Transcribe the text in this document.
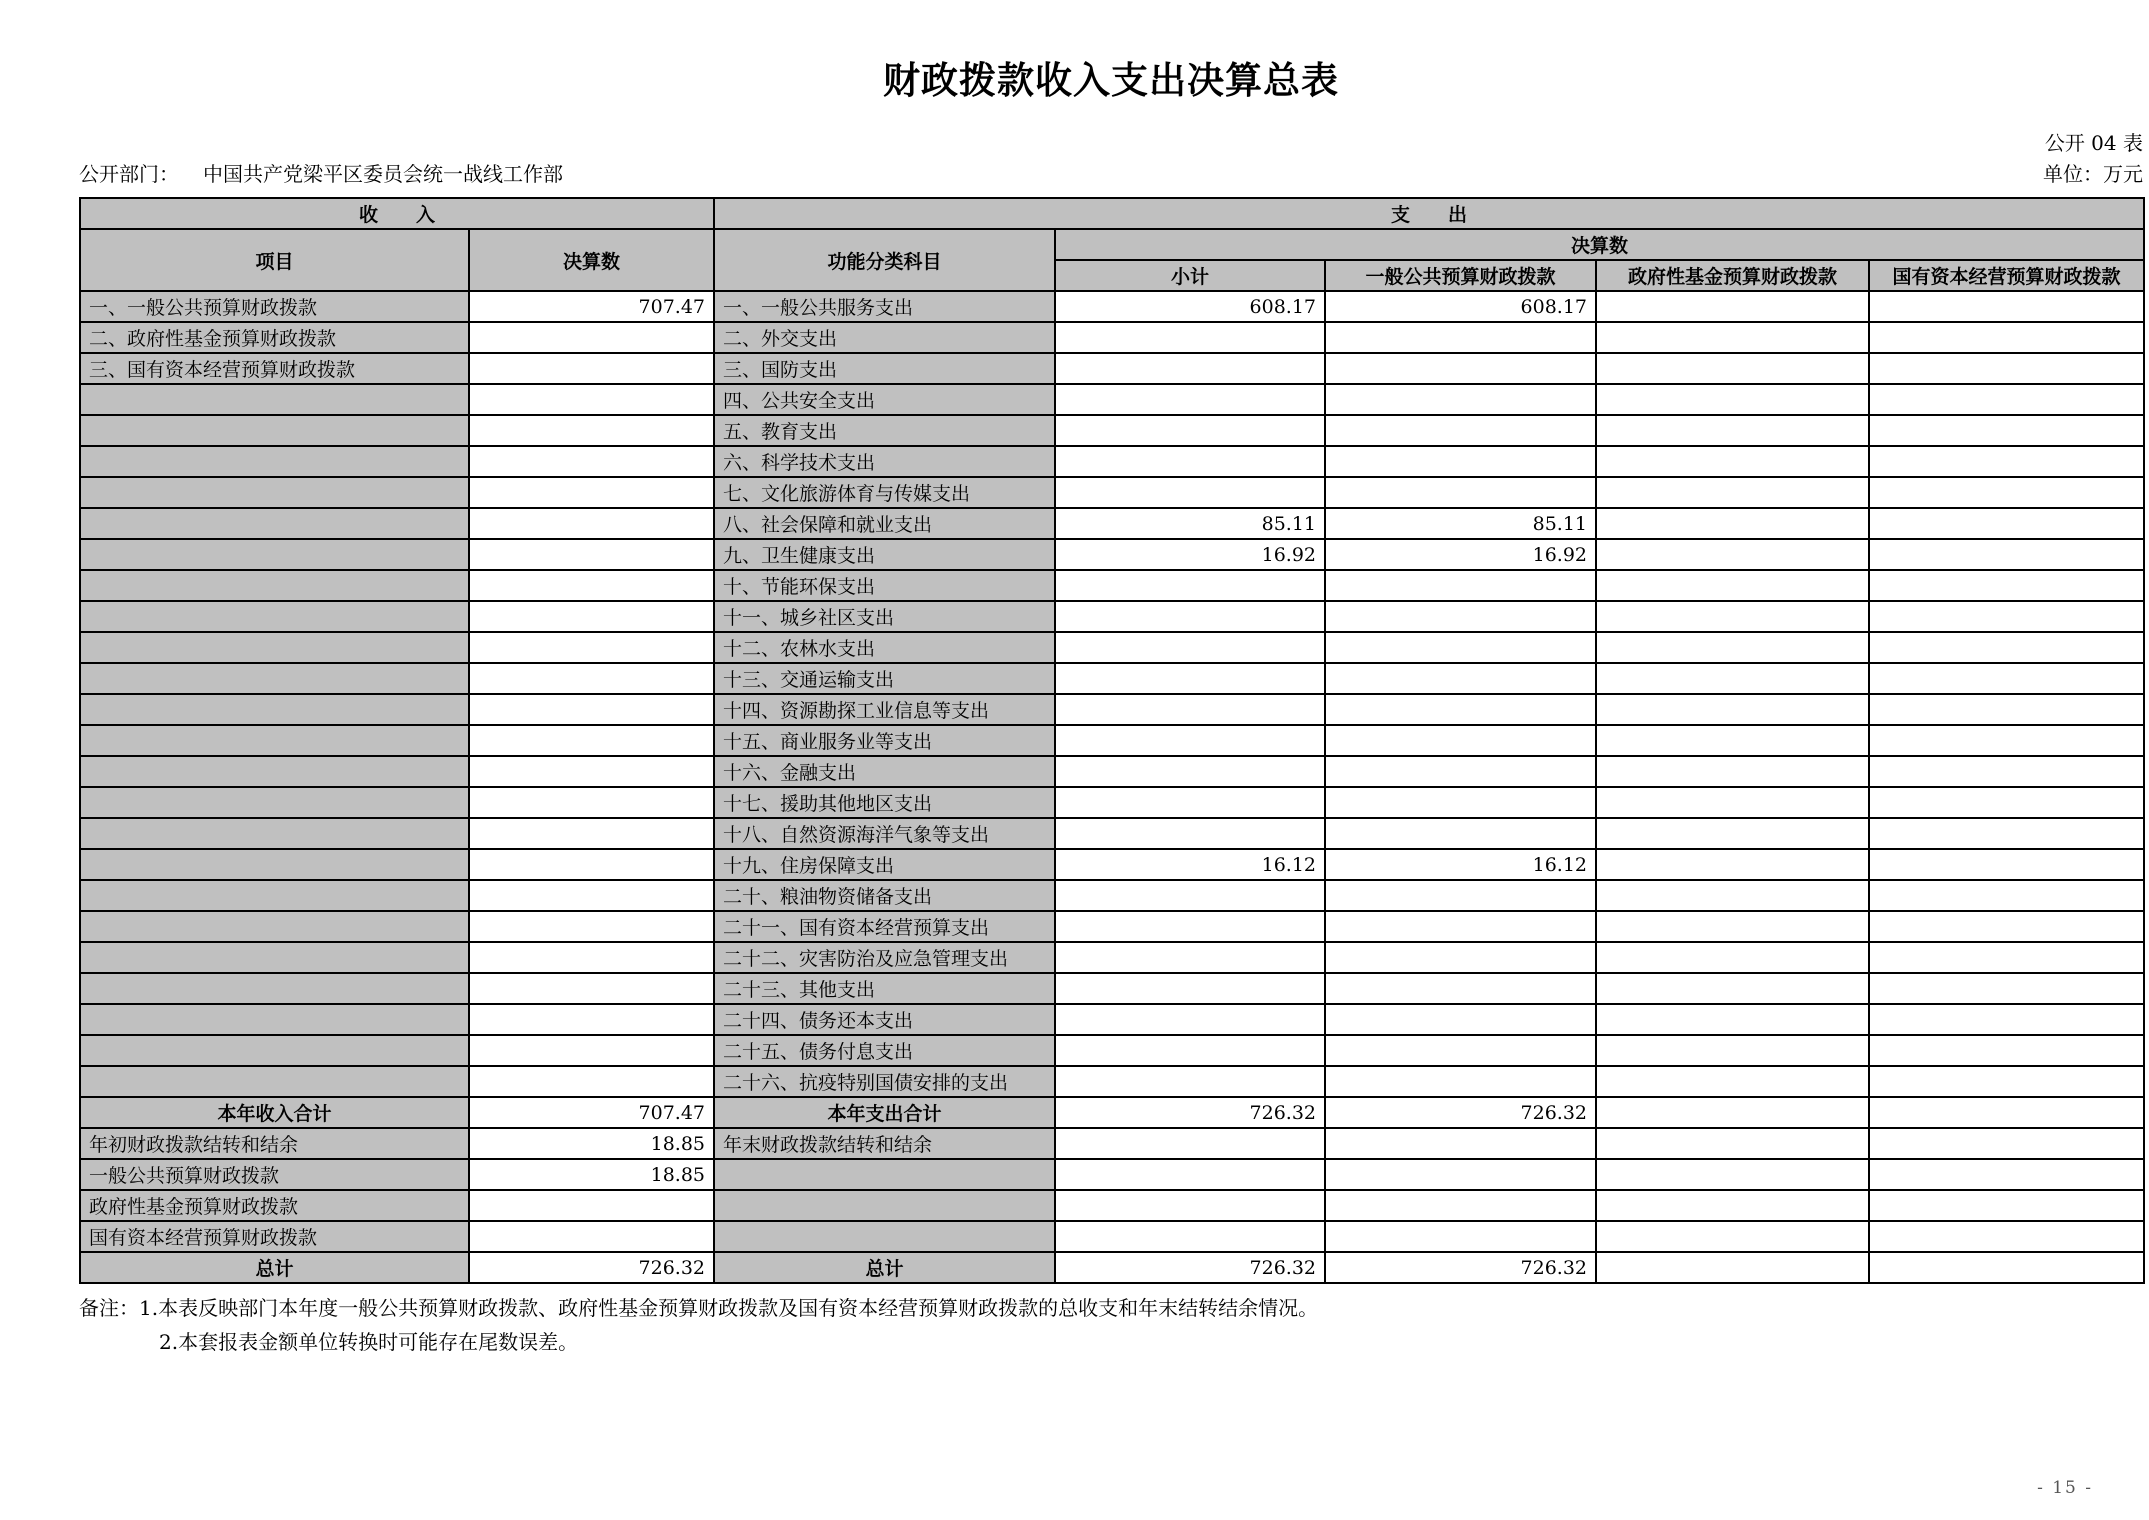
财政拨款收入支出决算总表
公开 04 表
公开部门： 中国共产党梁平区委员会统一战线工作部	单位：万元
收　　入		支　　出				
项目	决算数	功能分类科目	决算数			
			小计	一般公共预算财政拨款	政府性基金预算财政拨款	国有资本经营预算财政拨款
一、一般公共预算财政拨款	707.47	一、一般公共服务支出	608.17	608.17		
二、政府性基金预算财政拨款		二、外交支出				
三、国有资本经营预算财政拨款		三、国防支出				
		四、公共安全支出				
		五、教育支出				
		六、科学技术支出				
		七、文化旅游体育与传媒支出				
		八、社会保障和就业支出	85.11	85.11		
		九、卫生健康支出	16.92	16.92		
		十、节能环保支出				
		十一、城乡社区支出				
		十二、农林水支出				
		十三、交通运输支出				
		十四、资源勘探工业信息等支出				
		十五、商业服务业等支出				
		十六、金融支出				
		十七、援助其他地区支出				
		十八、自然资源海洋气象等支出				
		十九、住房保障支出	16.12	16.12		
		二十、粮油物资储备支出				
		二十一、国有资本经营预算支出				
		二十二、灾害防治及应急管理支出				
		二十三、其他支出				
		二十四、债务还本支出				
		二十五、债务付息支出				
		二十六、抗疫特别国债安排的支出				
本年收入合计	707.47	本年支出合计	726.32	726.32		
年初财政拨款结转和结余	18.85	年末财政拨款结转和结余				
一般公共预算财政拨款	18.85					
政府性基金预算财政拨款						
国有资本经营预算财政拨款						
总计	726.32	总计	726.32	726.32		
备注：1.本表反映部门本年度一般公共预算财政拨款、政府性基金预算财政拨款及国有资本经营预算财政拨款的总收支和年末结转结余情况。
2.本套报表金额单位转换时可能存在尾数误差。
- 15 -
